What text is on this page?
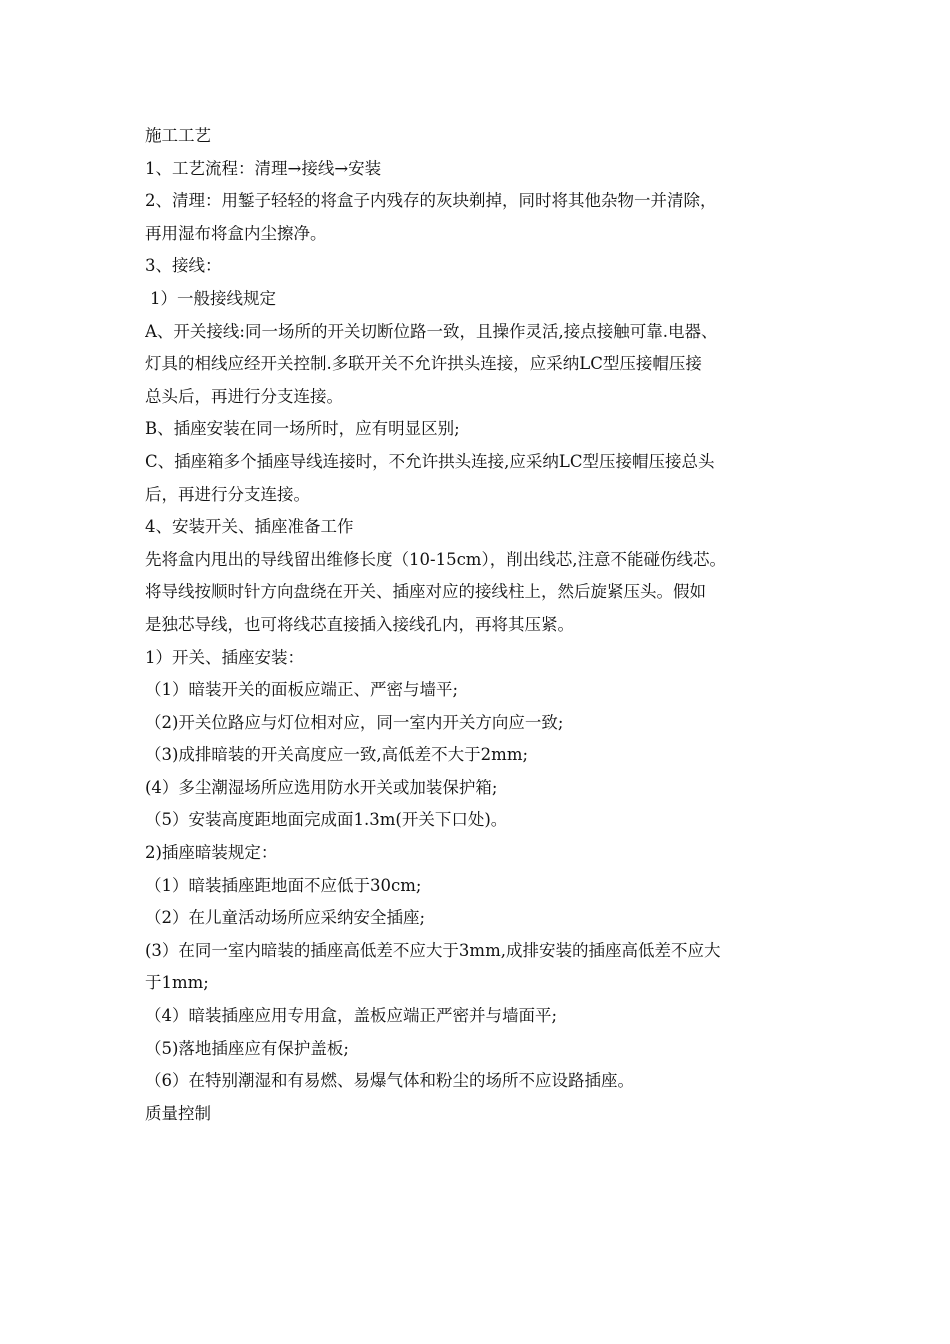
施工工艺
1、工艺流程：清理→接线→安装
2、清理：用錾子轻轻的将盒子内残存的灰块剃掉，同时将其他杂物一并清除，
再用湿布将盒内尘擦净。
3、接线：
1）一般接线规定
A、开关接线:同一场所的开关切断位路一致，且操作灵活,接点接触可靠.电器、
灯具的相线应经开关控制.多联开关不允许拱头连接，应采纳LC型压接帽压接
总头后，再进行分支连接。
B、插座安装在同一场所时，应有明显区别;
C、插座箱多个插座导线连接时，不允许拱头连接,应采纳LC型压接帽压接总头
后，再进行分支连接。
4、安装开关、插座准备工作
先将盒内甩出的导线留出维修长度（10-15cm），削出线芯,注意不能碰伤线芯。
将导线按顺时针方向盘绕在开关、插座对应的接线柱上，然后旋紧压头。假如
是独芯导线，也可将线芯直接插入接线孔内，再将其压紧。
1）开关、插座安装：
（1）暗装开关的面板应端正、严密与墙平;
（2)开关位路应与灯位相对应，同一室内开关方向应一致;
（3)成排暗装的开关高度应一致,高低差不大于2mm;
(4）多尘潮湿场所应选用防水开关或加装保护箱;
（5）安装高度距地面完成面1.3m(开关下口处)。
2)插座暗装规定：
（1）暗装插座距地面不应低于30cm;
（2）在儿童活动场所应采纳安全插座;
(3）在同一室内暗装的插座高低差不应大于3mm,成排安装的插座高低差不应大
于1mm;
（4）暗装插座应用专用盒，盖板应端正严密并与墙面平;
（5)落地插座应有保护盖板;
（6）在特别潮湿和有易燃、易爆气体和粉尘的场所不应设路插座。
质量控制
